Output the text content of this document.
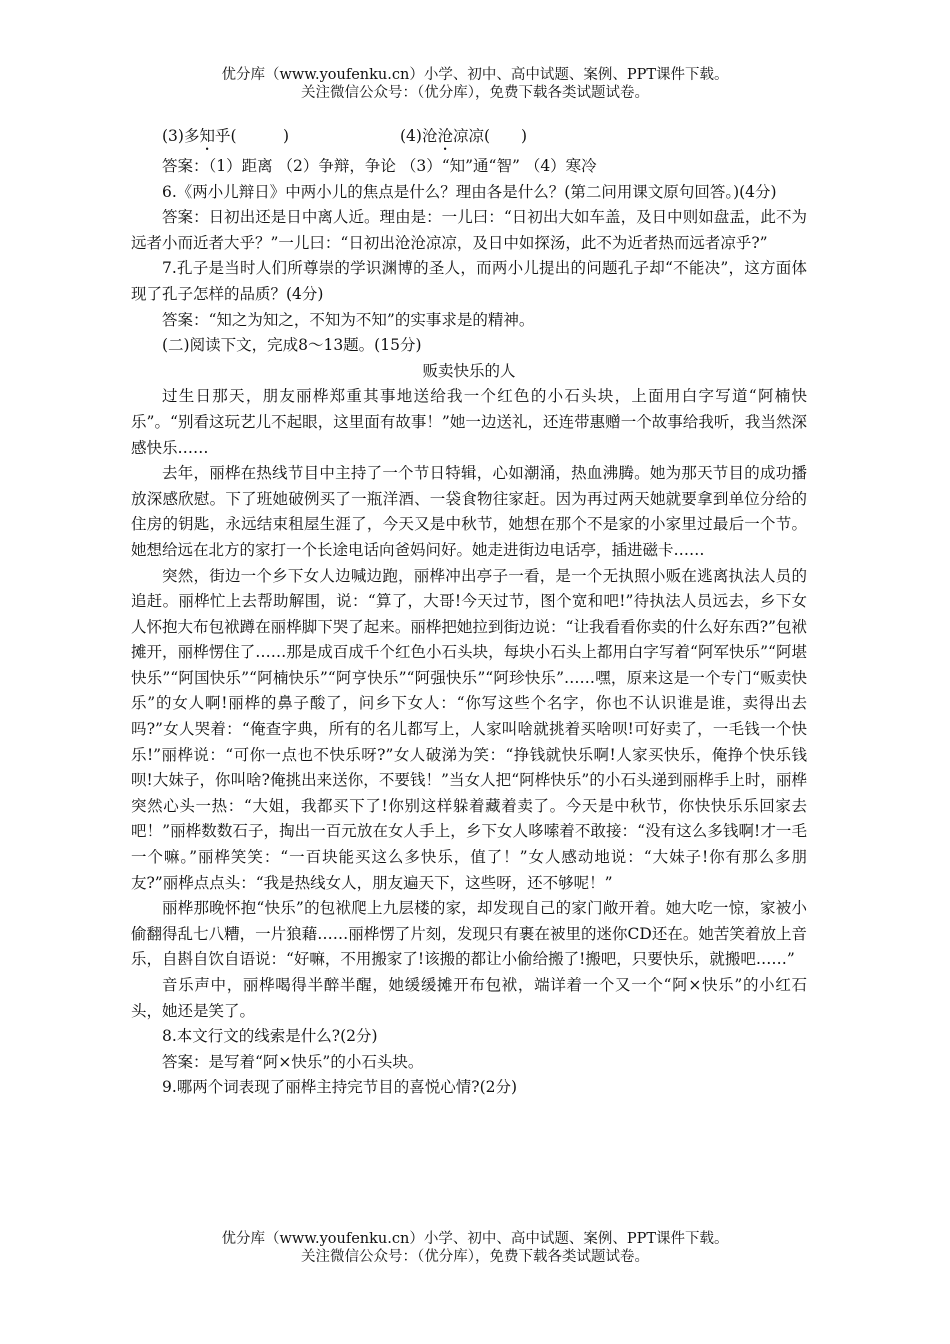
优分库（www.youfenku.cn）小学、初中、高中试题、案例、PPT课件下载。
关注微信公众号：（优分库），免费下载各类试题试卷。

(3)多知乎(　　　)	(4)沧沧凉凉(　　)

答案：（1）距离 （2）争辩，争论 （3）“知”通“智” （4）寒冷

6.《两小儿辩日》中两小儿的焦点是什么？理由各是什么？(第二问用课文原句回答。)(4分)

答案：日初出还是日中离人近。理由是：一儿曰：“日初出大如车盖，及日中则如盘盂，此不为远者小而近者大乎？”一儿曰：“日初出沧沧凉凉，及日中如探汤，此不为近者热而远者凉乎?”

7.孔子是当时人们所尊崇的学识渊博的圣人，而两小儿提出的问题孔子却“不能决”，这方面体现了孔子怎样的品质？(4分)

答案：“知之为知之，不知为不知”的实事求是的精神。

(二)阅读下文，完成8～13题。(15分)

贩卖快乐的人

过生日那天，朋友丽桦郑重其事地送给我一个红色的小石头块，上面用白字写道“阿楠快乐”。“别看这玩艺儿不起眼，这里面有故事！”她一边送礼，还连带惠赠一个故事给我听，我当然深感快乐……

去年，丽桦在热线节目中主持了一个节日特辑，心如潮涌，热血沸腾。她为那天节目的成功播放深感欣慰。下了班她破例买了一瓶洋酒、一袋食物往家赶。因为再过两天她就要拿到单位分给的住房的钥匙，永远结束租屋生涯了，今天又是中秋节，她想在那个不是家的小家里过最后一个节。她想给远在北方的家打一个长途电话向爸妈问好。她走进街边电话亭，插进磁卡……

突然，街边一个乡下女人边喊边跑，丽桦冲出亭子一看，是一个无执照小贩在逃离执法人员的追赶。丽桦忙上去帮助解围，说：“算了，大哥!今天过节，图个宽和吧!”待执法人员远去，乡下女人怀抱大布包袱蹲在丽桦脚下哭了起来。丽桦把她拉到街边说：“让我看看你卖的什么好东西?”包袱摊开，丽桦愣住了……那是成百成千个红色小石头块，每块小石头上都用白字写着“阿军快乐”“阿堪快乐”“阿国快乐”“阿楠快乐”“阿亨快乐”“阿强快乐”“阿珍快乐”……嘿，原来这是一个专门“贩卖快乐”的女人啊!丽桦的鼻子酸了，问乡下女人：“你写这些个名字，你也不认识谁是谁，卖得出去吗?”女人哭着：“俺查字典，所有的名儿都写上，人家叫啥就挑着买啥呗!可好卖了，一毛钱一个快乐!”丽桦说：“可你一点也不快乐呀?”女人破涕为笑：“挣钱就快乐啊!人家买快乐，俺挣个快乐钱呗!大妹子，你叫啥?俺挑出来送你，不要钱！”当女人把“阿桦快乐”的小石头递到丽桦手上时，丽桦突然心头一热：“大姐，我都买下了!你别这样躲着藏着卖了。今天是中秋节，你快快乐乐回家去吧！”丽桦数数石子，掏出一百元放在女人手上，乡下女人哆嗦着不敢接：“没有这么多钱啊!才一毛一个嘛。”丽桦笑笑：“一百块能买这么多快乐，值了！”女人感动地说：“大妹子!你有那么多朋友?”丽桦点点头：“我是热线女人，朋友遍天下，这些呀，还不够呢！”

丽桦那晚怀抱“快乐”的包袱爬上九层楼的家，却发现自己的家门敞开着。她大吃一惊，家被小偷翻得乱七八糟，一片狼藉……丽桦愣了片刻，发现只有裹在被里的迷你CD还在。她苦笑着放上音乐，自斟自饮自语说：“好嘛，不用搬家了!该搬的都让小偷给搬了!搬吧，只要快乐，就搬吧……”

音乐声中，丽桦喝得半醉半醒，她缓缓摊开布包袱，端详着一个又一个“阿×快乐”的小红石头，她还是笑了。

8.本文行文的线索是什么?(2分)

答案：是写着“阿×快乐”的小石头块。

9.哪两个词表现了丽桦主持完节目的喜悦心情?(2分)

优分库（www.youfenku.cn）小学、初中、高中试题、案例、PPT课件下载。
关注微信公众号：（优分库），免费下载各类试题试卷。
